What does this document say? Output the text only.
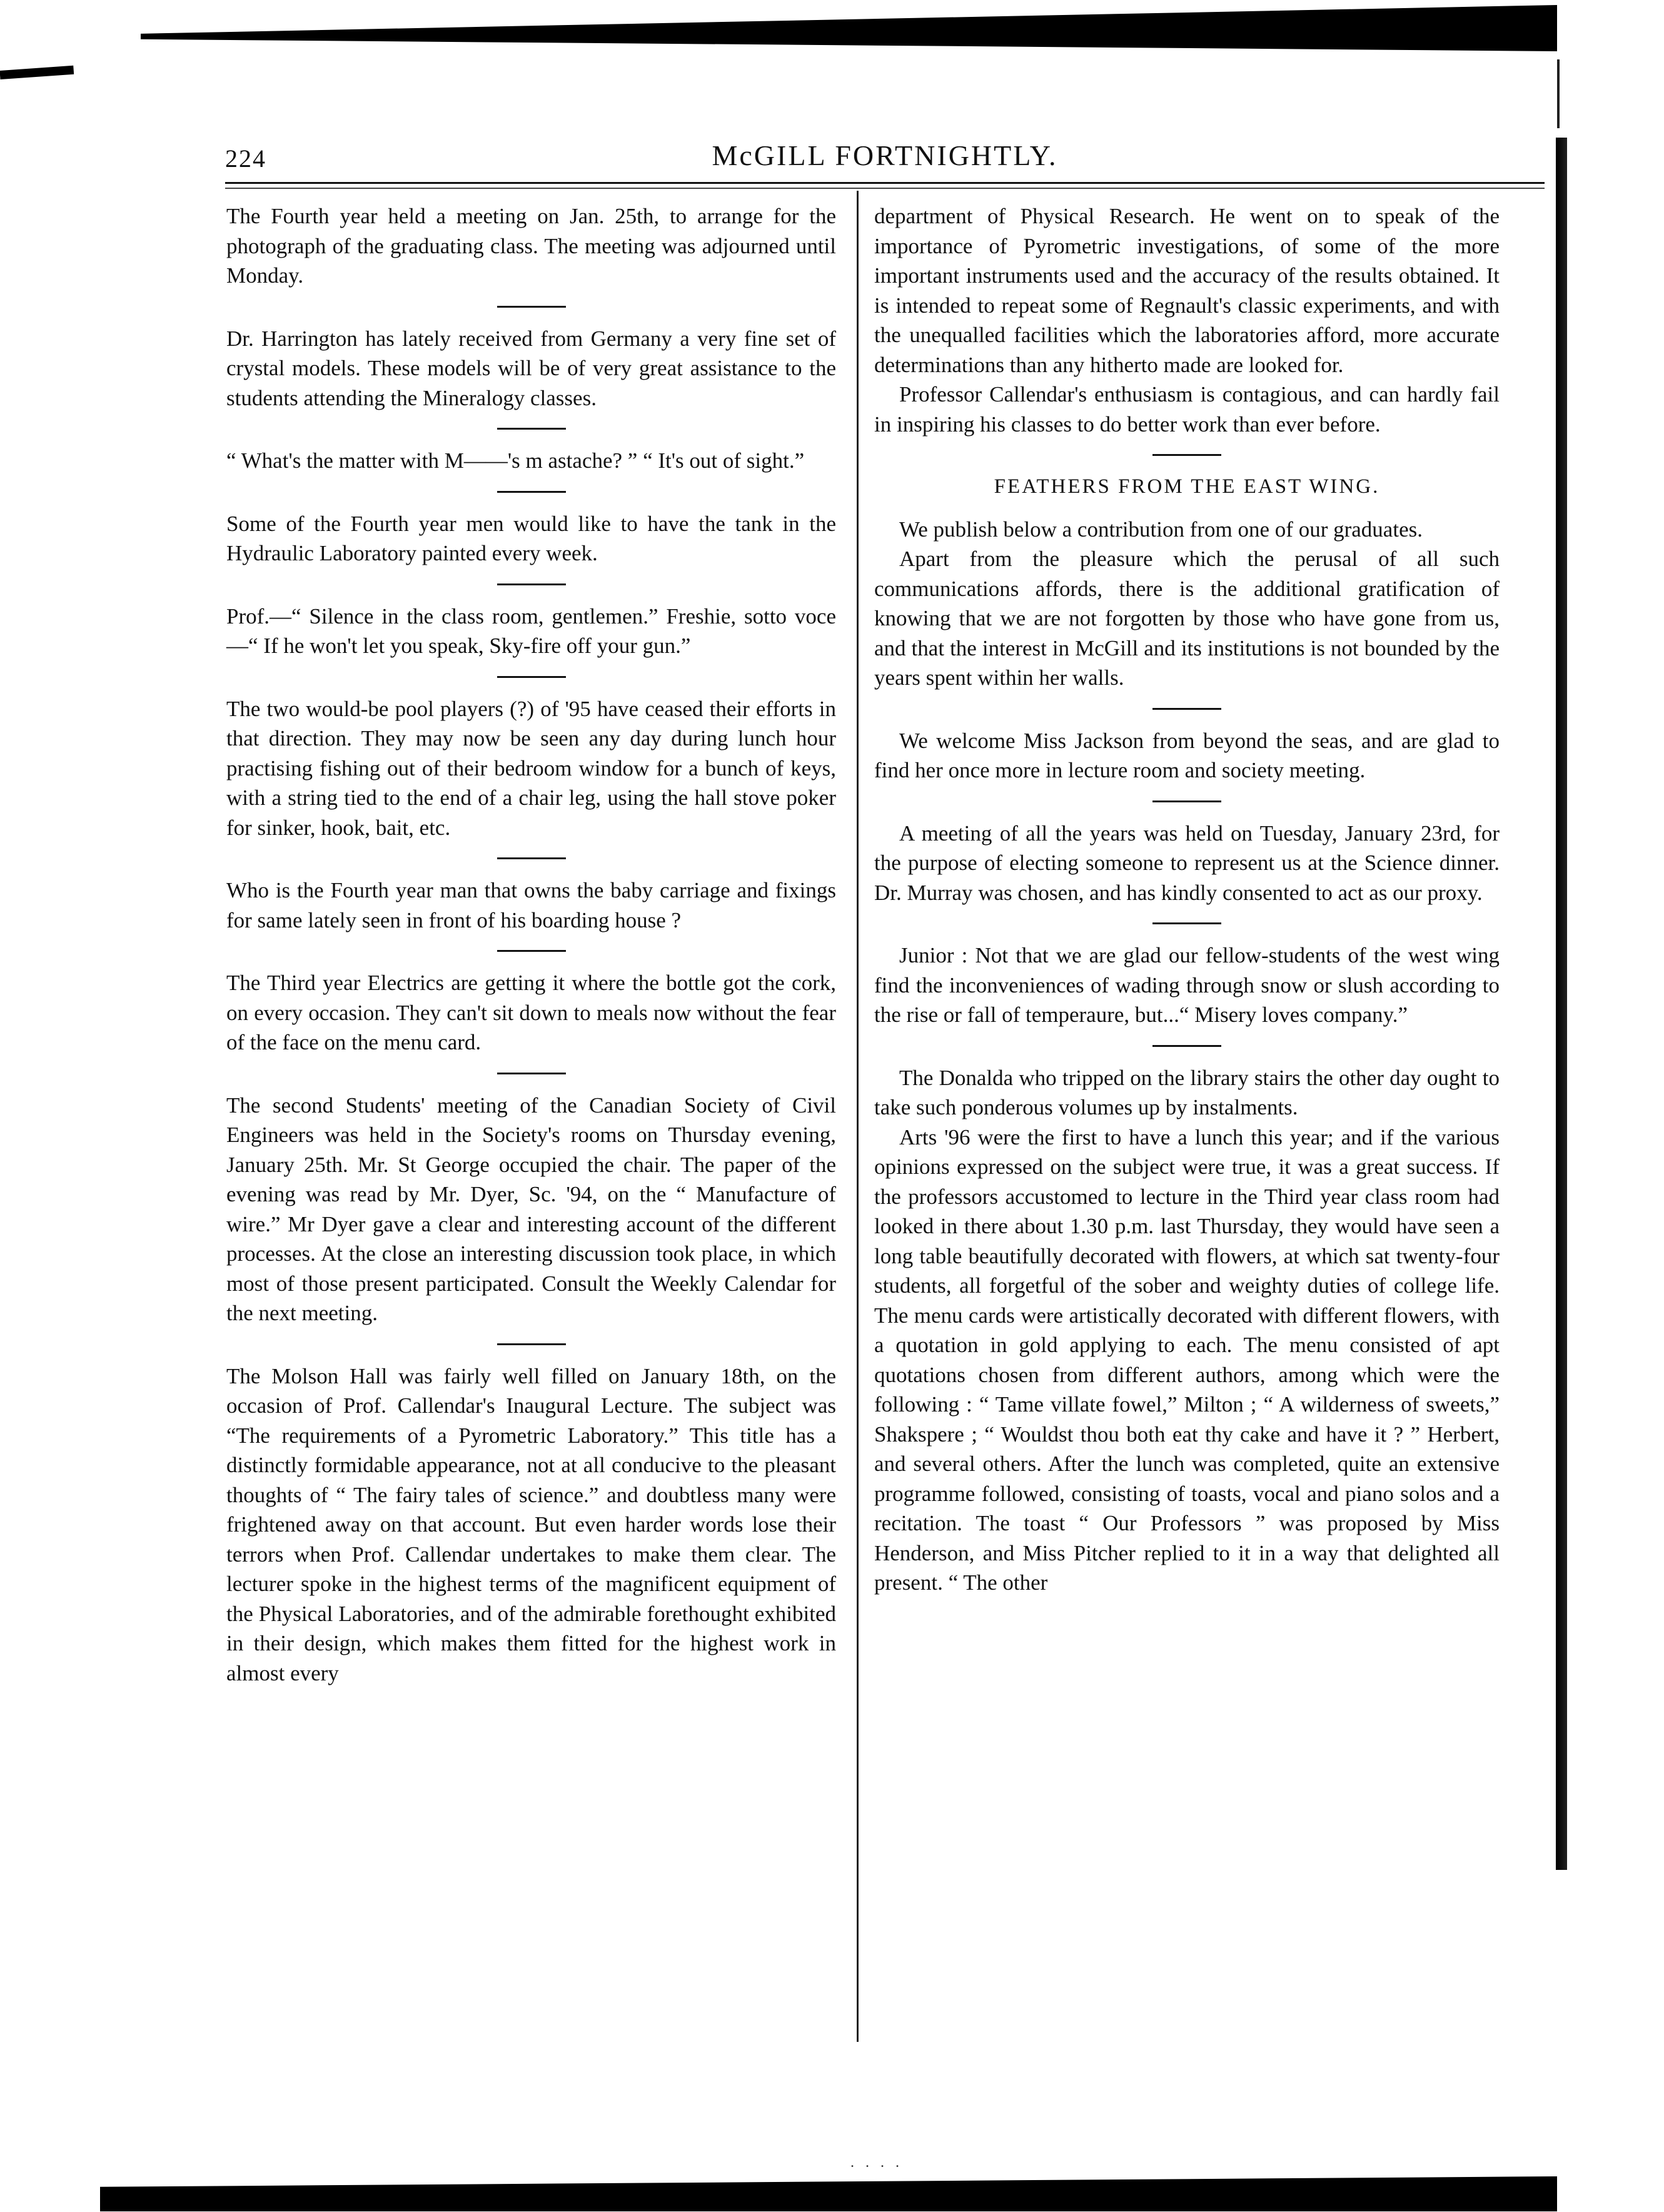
224	McGILL FORTNIGHTLY.

The Fourth year held a meeting on Jan. 25th, to arrange for the photograph of the graduating class. The meeting was adjourned until Monday.

Dr. Harrington has lately received from Germany a very fine set of crystal models. These models will be of very great assistance to the students attending the Mineralogy classes.

“ What's the matter with M——'s m astache? ” “ It's out of sight.”

Some of the Fourth year men would like to have the tank in the Hydraulic Laboratory painted every week.

Prof.—“ Silence in the class room, gentlemen.” Freshie, sotto voce—“ If he won't let you speak, Sky-fire off your gun.”

The two would-be pool players (?) of '95 have ceased their efforts in that direction. They may now be seen any day during lunch hour practising fishing out of their bedroom window for a bunch of keys, with a string tied to the end of a chair leg, using the hall stove poker for sinker, hook, bait, etc.

Who is the Fourth year man that owns the baby carriage and fixings for same lately seen in front of his boarding house ?

The Third year Electrics are getting it where the bottle got the cork, on every occasion. They can't sit down to meals now without the fear of the face on the menu card.

The second Students' meeting of the Canadian Society of Civil Engineers was held in the Society's rooms on Thursday evening, January 25th. Mr. St George occupied the chair. The paper of the evening was read by Mr. Dyer, Sc. '94, on the “ Manufacture of wire.” Mr Dyer gave a clear and interesting account of the different processes. At the close an interesting discussion took place, in which most of those present participated. Consult the Weekly Calendar for the next meeting.

The Molson Hall was fairly well filled on January 18th, on the occasion of Prof. Callendar's Inaugural Lecture. The subject was “The requirements of a Pyrometric Laboratory.” This title has a distinctly formidable appearance, not at all conducive to the pleasant thoughts of “ The fairy tales of science.” and doubtless many were frightened away on that account. But even harder words lose their terrors when Prof. Callendar undertakes to make them clear. The lecturer spoke in the highest terms of the magnificent equipment of the Physical Laboratories, and of the admirable forethought exhibited in their design, which makes them fitted for the highest work in almost every

department of Physical Research. He went on to speak of the importance of Pyrometric investigations, of some of the more important instruments used and the accuracy of the results obtained. It is intended to repeat some of Regnault's classic experiments, and with the unequalled facilities which the laboratories afford, more accurate determinations than any hitherto made are looked for.

Professor Callendar's enthusiasm is contagious, and can hardly fail in inspiring his classes to do better work than ever before.

FEATHERS FROM THE EAST WING.

We publish below a contribution from one of our graduates.

Apart from the pleasure which the perusal of all such communications affords, there is the additional gratification of knowing that we are not forgotten by those who have gone from us, and that the interest in McGill and its institutions is not bounded by the years spent within her walls.

We welcome Miss Jackson from beyond the seas, and are glad to find her once more in lecture room and society meeting.

A meeting of all the years was held on Tuesday, January 23rd, for the purpose of electing someone to represent us at the Science dinner. Dr. Murray was chosen, and has kindly consented to act as our proxy.

Junior : Not that we are glad our fellow-students of the west wing find the inconveniences of wading through snow or slush according to the rise or fall of temperaure, but...“ Misery loves company.”

The Donalda who tripped on the library stairs the other day ought to take such ponderous volumes up by instalments.

Arts '96 were the first to have a lunch this year; and if the various opinions expressed on the subject were true, it was a great success. If the professors accustomed to lecture in the Third year class room had looked in there about 1.30 p.m. last Thursday, they would have seen a long table beautifully decorated with flowers, at which sat twenty-four students, all forgetful of the sober and weighty duties of college life. The menu cards were artistically decorated with different flowers, with a quotation in gold applying to each. The menu consisted of apt quotations chosen from different authors, among which were the following : “ Tame villate fowel,” Milton ; “ A wilderness of sweets,” Shakspere ; “ Wouldst thou both eat thy cake and have it ? ” Herbert, and several others. After the lunch was completed, quite an extensive programme followed, consisting of toasts, vocal and piano solos and a recitation. The toast “ Our Professors ” was proposed by Miss Henderson, and Miss Pitcher replied to it in a way that delighted all present. “ The other

. . . .
